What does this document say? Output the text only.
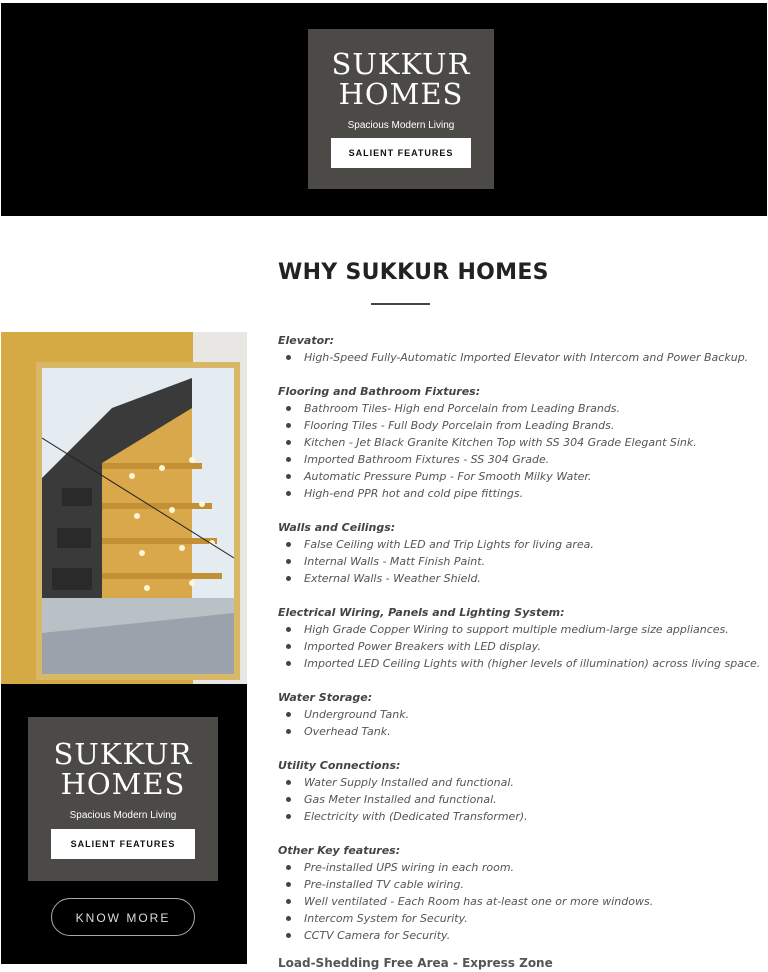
SUKKUR
HOMES
Spacious Modern Living
SALIENT FEATURES
WHY SUKKUR HOMES
SUKKUR
HOMES
Spacious Modern Living
SALIENT FEATURES
KNOW MORE
Elevator:
High-Speed Fully-Automatic Imported Elevator with Intercom and Power Backup.
Flooring and Bathroom Fixtures:
Bathroom Tiles- High end Porcelain from Leading Brands.
Flooring Tiles - Full Body Porcelain from Leading Brands.
Kitchen - Jet Black Granite Kitchen Top with SS 304 Grade Elegant Sink.
Imported Bathroom Fixtures - SS 304 Grade.
Automatic Pressure Pump - For Smooth Milky Water.
High-end PPR hot and cold pipe fittings.
Walls and Ceilings:
False Ceiling with LED and Trip Lights for living area.
Internal Walls - Matt Finish Paint.
External Walls - Weather Shield.
Electrical Wiring, Panels and Lighting System:
High Grade Copper Wiring to support multiple medium-large size appliances.
Imported Power Breakers with LED display.
Imported LED Ceiling Lights with (higher levels of illumination) across living space.
Water Storage:
Underground Tank.
Overhead Tank.
Utility Connections:
Water Supply Installed and functional.
Gas Meter Installed and functional.
Electricity with (Dedicated Transformer).
Other Key features:
Pre-installed UPS wiring in each room.
Pre-installed TV cable wiring.
Well ventilated - Each Room has at-least one or more windows.
Intercom System for Security.
CCTV Camera for Security.
Load-Shedding Free Area - Express Zone
